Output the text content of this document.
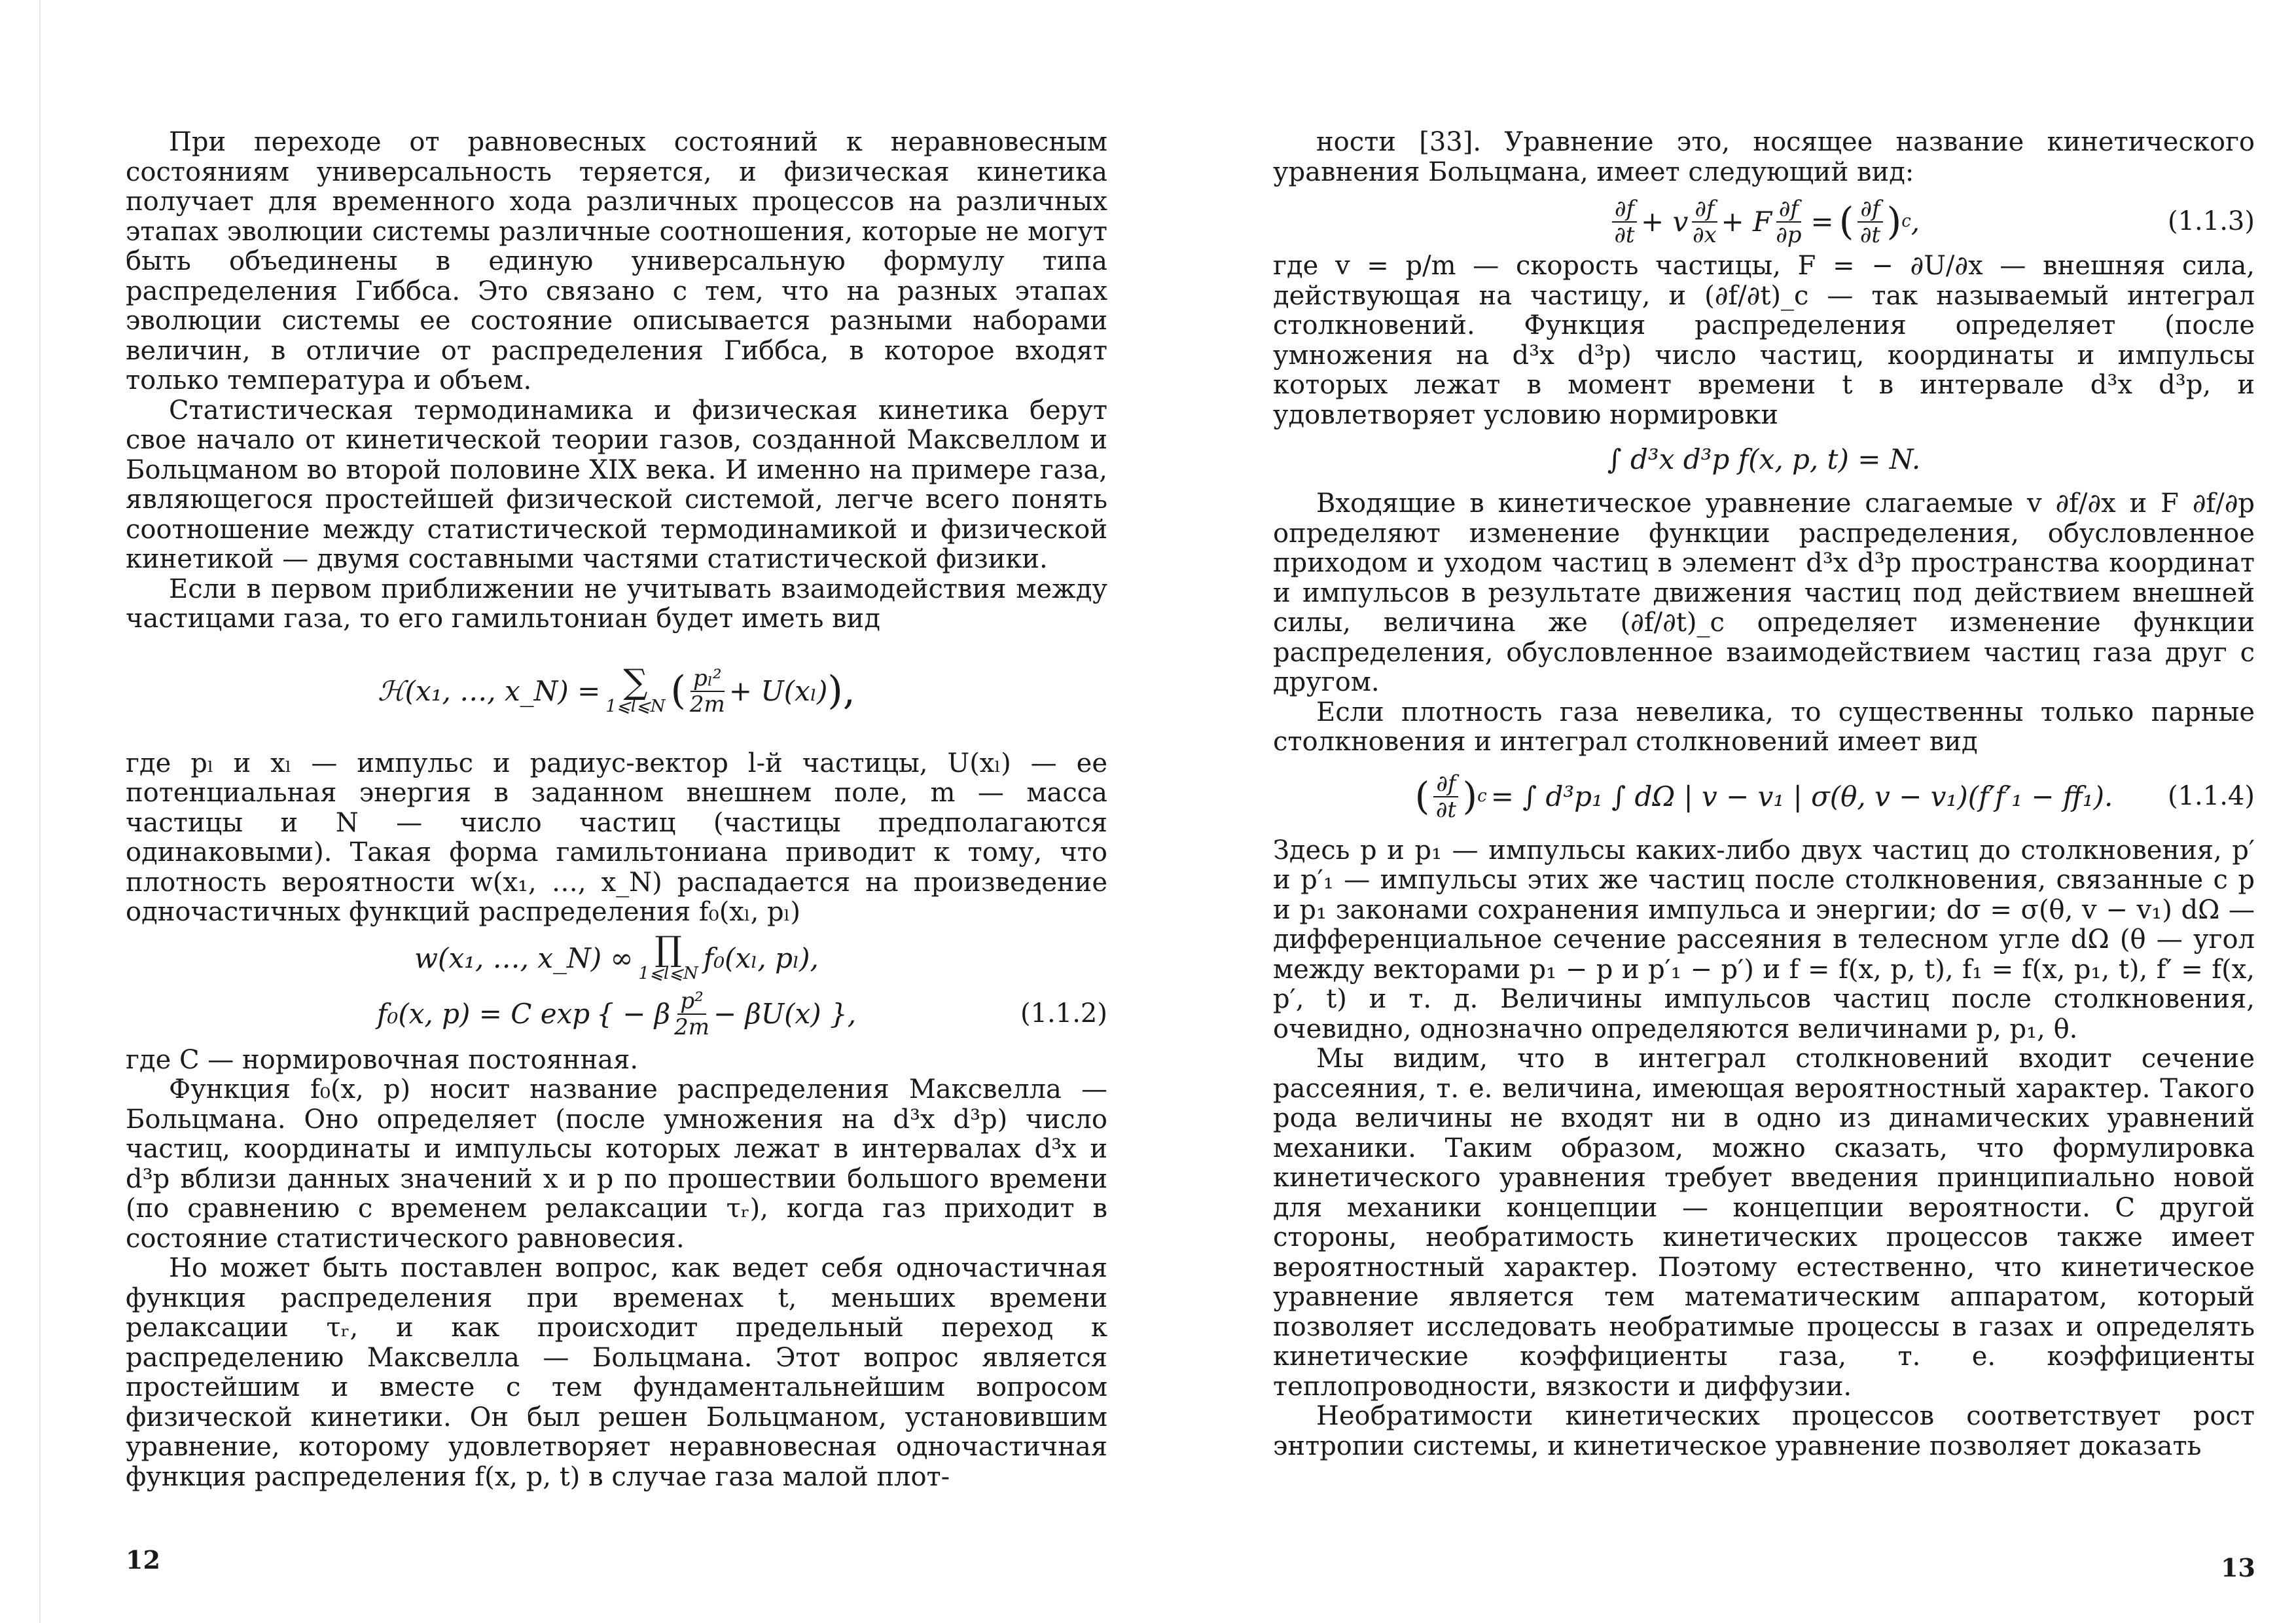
При переходе от равновесных состояний к неравновесным состояниям универсальность теряется, и физическая кинетика получает для временного хода различных процессов на различных этапах эволюции системы различные соотношения, которые не могут быть объединены в единую универсальную формулу типа распределения Гиббса. Это связано с тем, что на разных этапах эволюции системы ее состояние описывается разными наборами величин, в отличие от распределения Гиббса, в которое входят только температура и объем.

Статистическая термодинамика и физическая кинетика берут свое начало от кинетической теории газов, созданной Максвеллом и Больцманом во второй половине XIX века. И именно на примере газа, являющегося простейшей физической системой, легче всего понять соотношение между статистической термодинамикой и физической кинетикой — двумя составными частями статистической физики.

Если в первом приближении не учитывать взаимодействия между частицами газа, то его гамильтониан будет иметь вид

ℋ(x₁, …, x_N) = ∑
1⩽l⩽N ( $\frac{\text{pₗ²}}{2m} + U(x_l)$ ),

где pₗ и xₗ — импульс и радиус-вектор l-й частицы, U(xₗ) — ее потенциальная энергия в заданном внешнем поле, m — масса частицы и N — число частиц (частицы предполагаются одинаковыми). Такая форма гамильтониана приводит к тому, что плотность вероятности w(x₁, …, x_N) распадается на произведение одночастичных функций распределения f₀(xₗ, pₗ)

w(x₁, …, x_N) ∞ ∏
1⩽l⩽N f₀(xₗ, pₗ),
f₀(x, p) = C exp { − β $\frac{\text{p²}}{2m} - \beta U(x)$ },	(1.1.2)

где C — нормировочная постоянная.

Функция f₀(x, p) носит название распределения Максвелла — Больцмана. Оно определяет (после умножения на d³x d³p) число частиц, координаты и импульсы которых лежат в интервалах d³x и d³p вблизи данных значений x и p по прошествии большого времени (по сравнению с временем релаксации τᵣ), когда газ приходит в состояние статистического равновесия.

Но может быть поставлен вопрос, как ведет себя одночастичная функция распределения при временах t, меньших времени релаксации τᵣ, и как происходит предельный переход к распределению Максвелла — Больцмана. Этот вопрос является простейшим и вместе с тем фундаментальнейшим вопросом физической кинетики. Он был решен Больцманом, установившим уравнение, которому удовлетворяет неравновесная одночастичная функция распределения f(x, p, t) в случае газа малой плот-

12

ности [33]. Уравнение это, носящее название кинетического уравнения Больцмана, имеет следующий вид:

$\frac{\partial f}{\partial t} + v \frac{\partial f}{\partial x} + F \frac{\partial f}{\partial p}$ = ( $\frac{\partial f}{\partial t}$ ) c ,	(1.1.3)

где v = p/m — скорость частицы, F = − ∂U/∂x — внешняя сила, действующая на частицу, и (∂f/∂t)_c — так называемый интеграл столкновений. Функция распределения определяет (после умножения на d³x d³p) число частиц, координаты и импульсы которых лежат в момент времени t в интервале d³x d³p, и удовлетворяет условию нормировки

∫ d³x d³p f(x, p, t) = N.

Входящие в кинетическое уравнение слагаемые v ∂f/∂x и F ∂f/∂p определяют изменение функции распределения, обусловленное приходом и уходом частиц в элемент d³x d³p пространства координат и импульсов в результате движения частиц под действием внешней силы, величина же (∂f/∂t)_c определяет изменение функции распределения, обусловленное взаимодействием частиц газа друг с другом.

Если плотность газа невелика, то существенны только парные столкновения и интеграл столкновений имеет вид

( $\frac{\partial f}{\partial t}$ ) c = ∫ d³p₁ ∫ dΩ | v − v₁ | σ(θ, v − v₁)(f′f′₁ − ff₁). (1.1.4)

Здесь p и p₁ — импульсы каких-либо двух частиц до столкновения, p′ и p′₁ — импульсы этих же частиц после столкновения, связанные с p и p₁ законами сохранения импульса и энергии; dσ = σ(θ, v − v₁) dΩ — дифференциальное сечение рассеяния в телесном угле dΩ (θ — угол между векторами p₁ − p и p′₁ − p′) и f = f(x, p, t), f₁ = f(x, p₁, t), f′ = f(x, p′, t) и т. д. Величины импульсов частиц после столкновения, очевидно, однозначно определяются величинами p, p₁, θ.

Мы видим, что в интеграл столкновений входит сечение рассеяния, т. е. величина, имеющая вероятностный характер. Такого рода величины не входят ни в одно из динамических уравнений механики. Таким образом, можно сказать, что формулировка кинетического уравнения требует введения принципиально новой для механики концепции — концепции вероятности. С другой стороны, необратимость кинетических процессов также имеет вероятностный характер. Поэтому естественно, что кинетическое уравнение является тем математическим аппаратом, который позволяет исследовать необратимые процессы в газах и определять кинетические коэффициенты газа, т. е. коэффициенты теплопроводности, вязкости и диффузии.

Необратимости кинетических процессов соответствует рост энтропии системы, и кинетическое уравнение позволяет доказать

13
